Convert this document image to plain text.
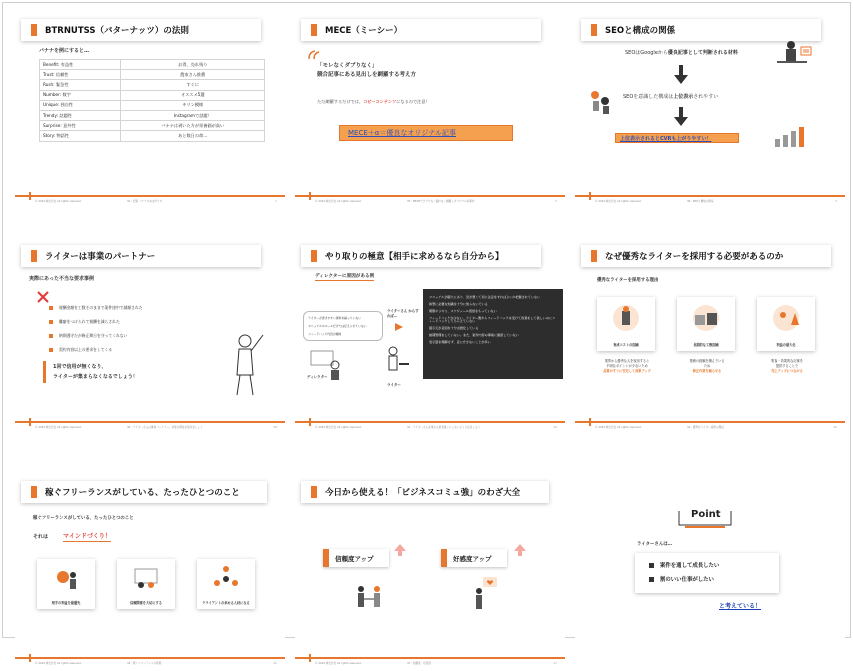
BTRNUTSS（バターナッツ）の法則
バナナを例にすると…
Benefit: 有益性	お得、売れ残り
Trust: 信頼性	農家さん推薦
Rush: 緊急性	すぐに
Number: 数字	オススメ5選
Unique: 独自性	キリン模様
Trendy: 話題性	Instagramで話題！
Surprise: 意外性	バナナは剥いた方が栄養価が高い
Story: 物語性	あと数日の命…
© 2024 株式会社 All rights reserved.	34 : 記事 バナナの本文作り方	1
MECE（ミーシー）
「モレなくダブりなく」
競合記事にある見出しを網羅する考え方
ただ網羅するだけでは、コピーコンテンツになるので注意！
MECE＋α＝優良なオリジナル記事
© 2024 株式会社 All rights reserved.	35 : MECEでダブりなく漏れなく網羅しオリジナル記事作	2
SEOと構成の関係
SEOはGoogleから優良記事として判断される材料
SEOを意識した構成は上位表示されやすい
上位表示されるとCVRも上がりやすい！
© 2024 株式会社 All rights reserved.	36 : SEOと構成の関係	3
ライターは事業のパートナー
実際にあった不当な要求事例
報酬金額を工数そのままで案件途中で減額された
難癖をつけられて報酬を減らされた
納期遅守だが修正期日を守ってくれない
契約内容以上の要求をしてくる
1回で信用が無くなり、
ライターが集まらなくなるでしょう！
© 2024 株式会社 All rights reserved.	40 : ライターさんは事業パートナー。対等な関係を築きましょう	38
やり取りの極意【相手に求めるなら自分から】
ディレクターに原因がある例
ライターが書きやすい資料を揃っていない
マニュアルやルールだけでは伝えられていない
フィードバック内容が曖昧
ディレクター
ライターさん からすれば…
ライター
マニュアルが膨大にあり、見が悪くて何に注意をすればよいか把握されていない
執筆に必要な知識を十分に知らないでいる
期限ギリギリ、スケジュール感覚をもっていない
フィードバックが少ない、ライター側からフィードバックを受けて改善をして欲しいのにフィードバックしてもらえていない
提示元が意図を十分言語化している
納期管理をしていない。また、案件内容の事前に確認していない
表示量を理解せず、意に介さないことが多い
© 2024 株式会社 All rights reserved.	41 : ライターさんを単なる業者扱いにしないように注意しよう	39
なぜ優秀なライターを採用する必要があるのか
優秀なライターを採用する理由
育成コストの削減	長期的な工数削減	利益の最大化
業界から優秀な人を採用すると
不明なポイントが少ないため
品質がすぐに安定して成果アップ
業務の経験を積んでいる
ため
修正作業を減らせる
集客・効果的な記事を
提供することで
売上アップにつながる
© 2024 株式会社 All rights reserved.	42 : 優秀なライター採用の理由	40
稼ぐフリーランスがしている、たったひとつのこと
稼ぐフリーランスがしている、たったひとつのこと
それは マインドづくり！
相手の利益を最優先	信頼関係を大切にする	クライアントの求める人材になる
© 2024 株式会社 All rights reserved.	45 : 稼ぐフリーランスの特徴	45
今日から使える！「ビジネスコミュ強」のわざ大全
信頼度アップ	好感度アップ
© 2024 株式会社 All rights reserved.	47 : 信頼度・好感度	47
Point
ライターさんは…
案件を通して成長したい
割のいい仕事がしたい
と考えている！
